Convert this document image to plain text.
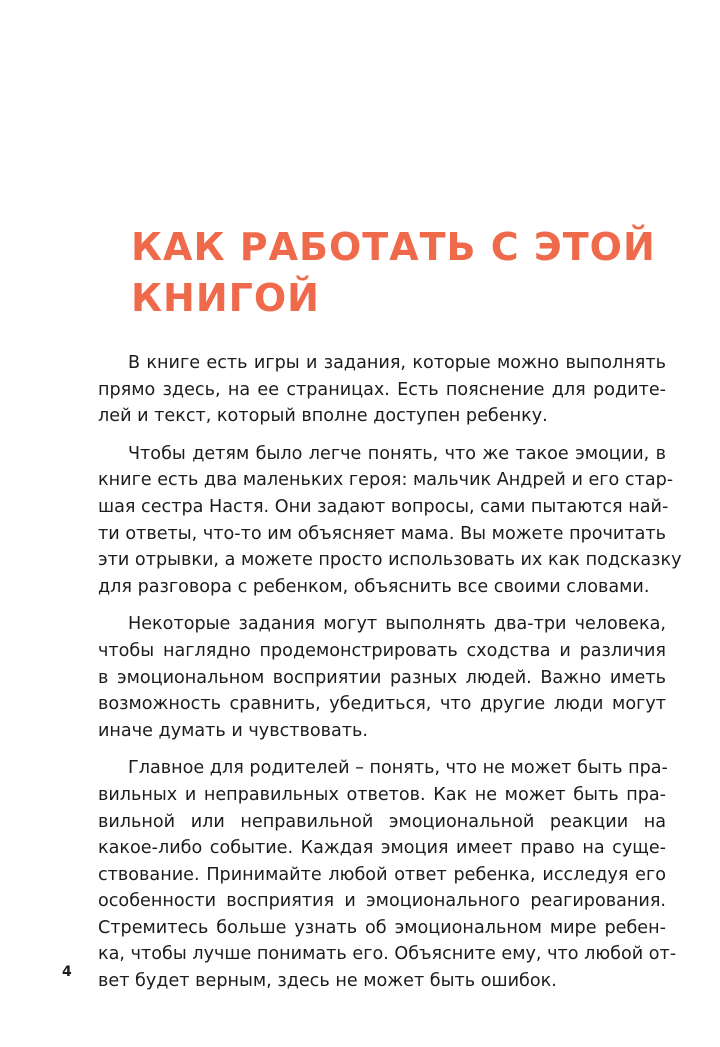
КАК РАБОТАТЬ С ЭТОЙ
КНИГОЙ
В книге есть игры и задания, которые можно выполнять
прямо здесь, на ее страницах. Есть пояснение для родите-
лей и текст, который вполне доступен ребенку.
Чтобы детям было легче понять, что же такое эмоции, в
книге есть два маленьких героя: мальчик Андрей и его стар-
шая сестра Настя. Они задают вопросы, сами пытаются най-
ти ответы, что-то им объясняет мама. Вы можете прочитать
эти отрывки, а можете просто использовать их как подсказку
для разговора с ребенком, объяснить все своими словами.
Некоторые задания могут выполнять два-три человека,
чтобы наглядно продемонстрировать сходства и различия
в эмоциональном восприятии разных людей. Важно иметь
возможность сравнить, убедиться, что другие люди могут
иначе думать и чувствовать.
Главное для родителей – понять, что не может быть пра-
вильных и неправильных ответов. Как не может быть пра-
вильной или неправильной эмоциональной реакции на
какое-либо событие. Каждая эмоция имеет право на суще-
ствование. Принимайте любой ответ ребенка, исследуя его
особенности восприятия и эмоционального реагирования.
Стремитесь больше узнать об эмоциональном мире ребен-
ка, чтобы лучше понимать его. Объясните ему, что любой от-
вет будет верным, здесь не может быть ошибок.
4
